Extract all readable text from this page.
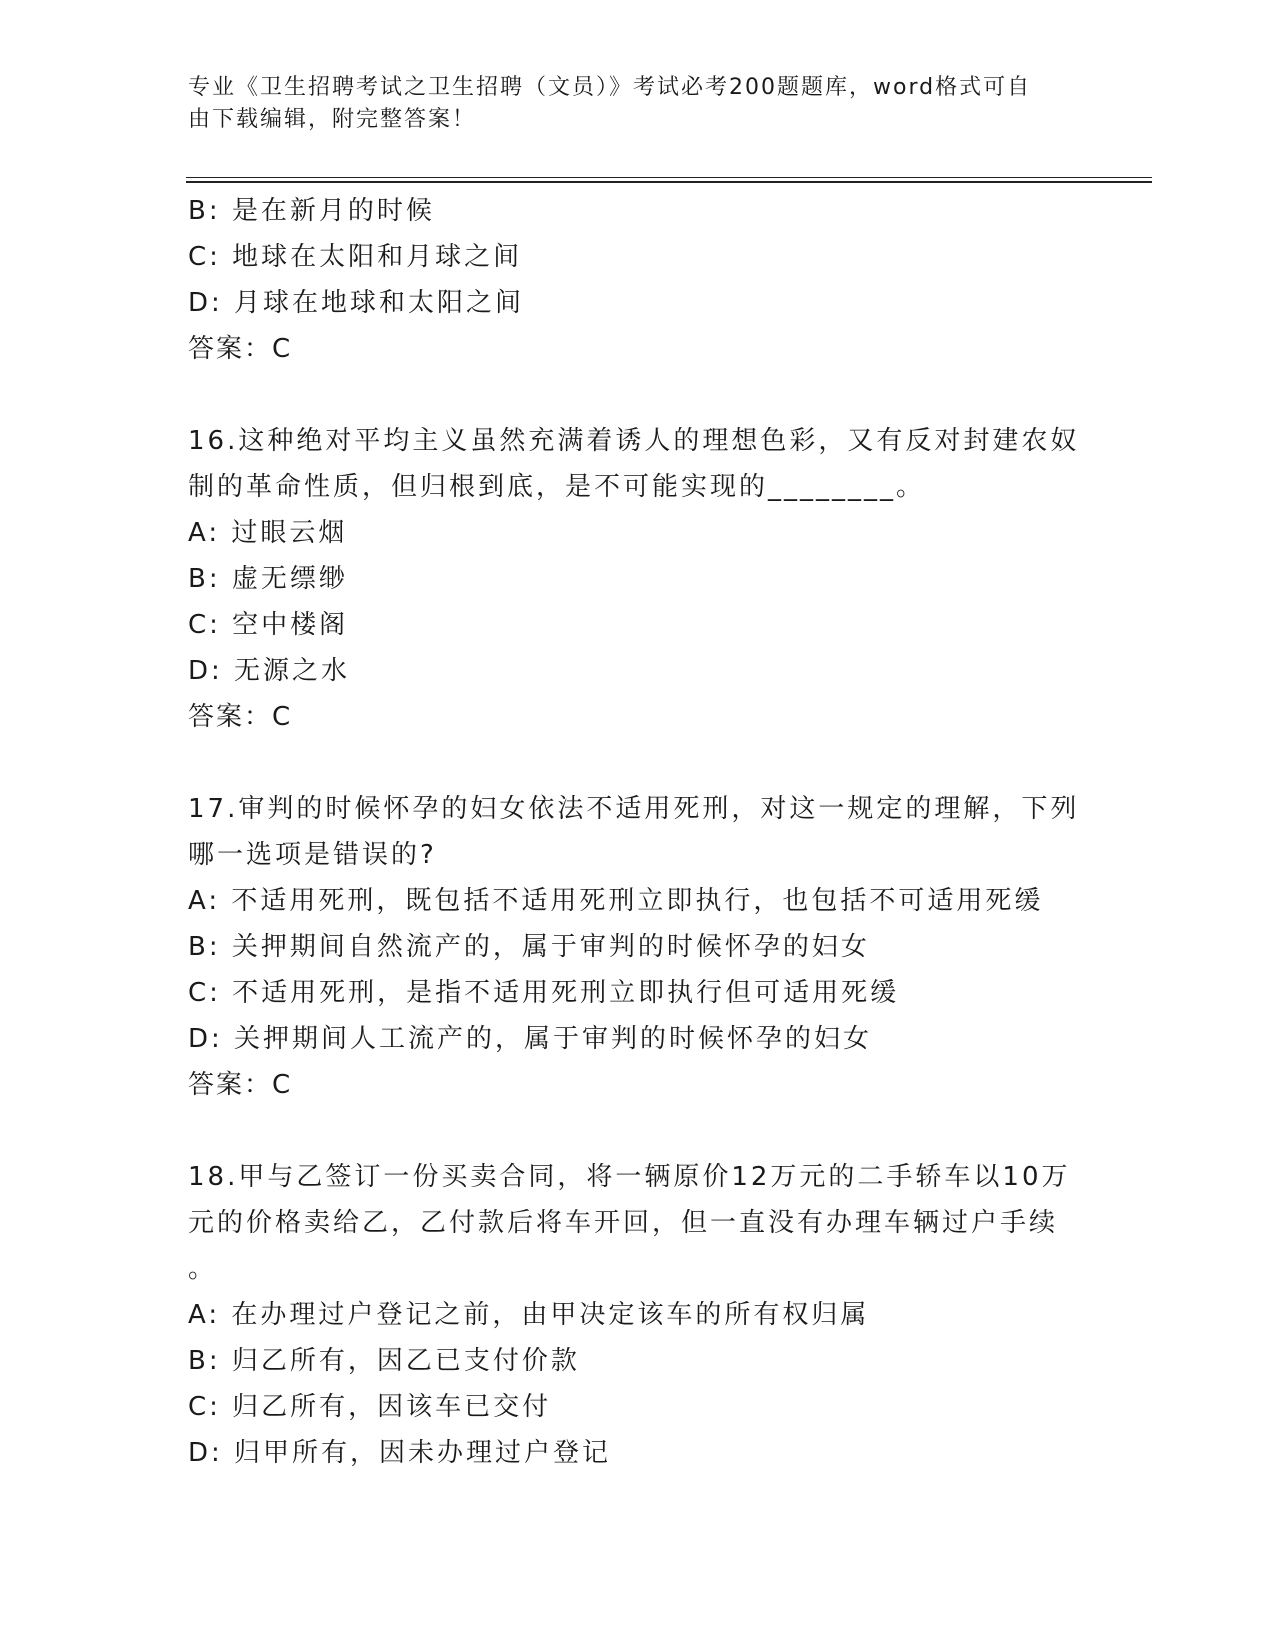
专业《卫生招聘考试之卫生招聘（文员）》考试必考200题题库，word格式可自
由下载编辑，附完整答案！
B: 是在新月的时候
C: 地球在太阳和月球之间
D: 月球在地球和太阳之间
答案：C
16.这种绝对平均主义虽然充满着诱人的理想色彩，又有反对封建农奴
制的革命性质，但归根到底，是不可能实现的________。
A: 过眼云烟
B: 虚无缥缈
C: 空中楼阁
D: 无源之水
答案：C
17.审判的时候怀孕的妇女依法不适用死刑，对这一规定的理解，下列
哪一选项是错误的?
A: 不适用死刑，既包括不适用死刑立即执行，也包括不可适用死缓
B: 关押期间自然流产的，属于审判的时候怀孕的妇女
C: 不适用死刑，是指不适用死刑立即执行但可适用死缓
D: 关押期间人工流产的，属于审判的时候怀孕的妇女
答案：C
18.甲与乙签订一份买卖合同，将一辆原价12万元的二手轿车以10万
元的价格卖给乙，乙付款后将车开回，但一直没有办理车辆过户手续
。
A: 在办理过户登记之前，由甲决定该车的所有权归属
B: 归乙所有，因乙已支付价款
C: 归乙所有，因该车已交付
D: 归甲所有，因未办理过户登记
